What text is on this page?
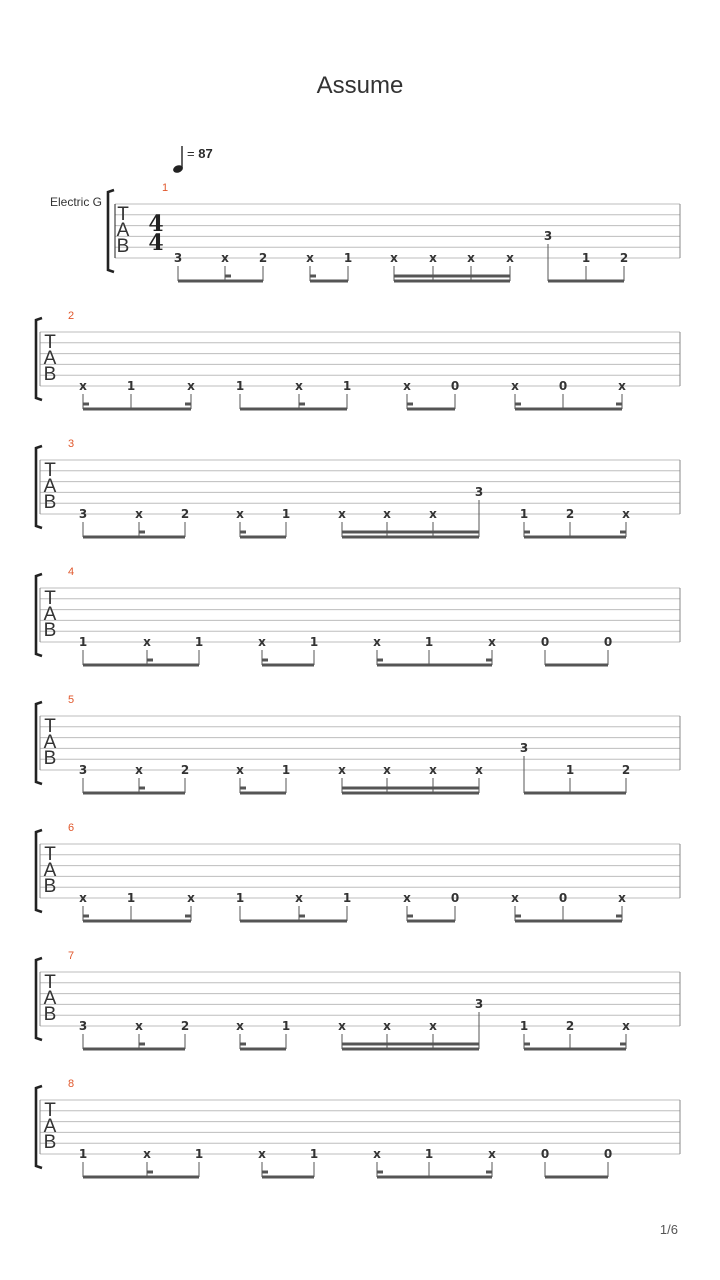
Assume
= 87
Electric G
T
A
B
4
4
1
3	x 2	x 1	x	x	x	x
3
1 2
T
A
B
2
x	1	x	1	x	1	x	0	x	0	x
T
A
B
3
3	x	2	x	1	x	x	x
3
1	2	x
T
A
B
4
1	x	1	x	1	x	1	x	0	0
T
A
B
5
3	x	2	x	1	x	x	x	x
3
1	2
T
A
B
6
x	1	x	1	x	1	x	0	x	0	x
T
A
B
7
3	x	2	x	1	x	x	x
3
1	2	x
T
A
B
8
1	x	1	x	1	x	1	x	0	0
1/6
